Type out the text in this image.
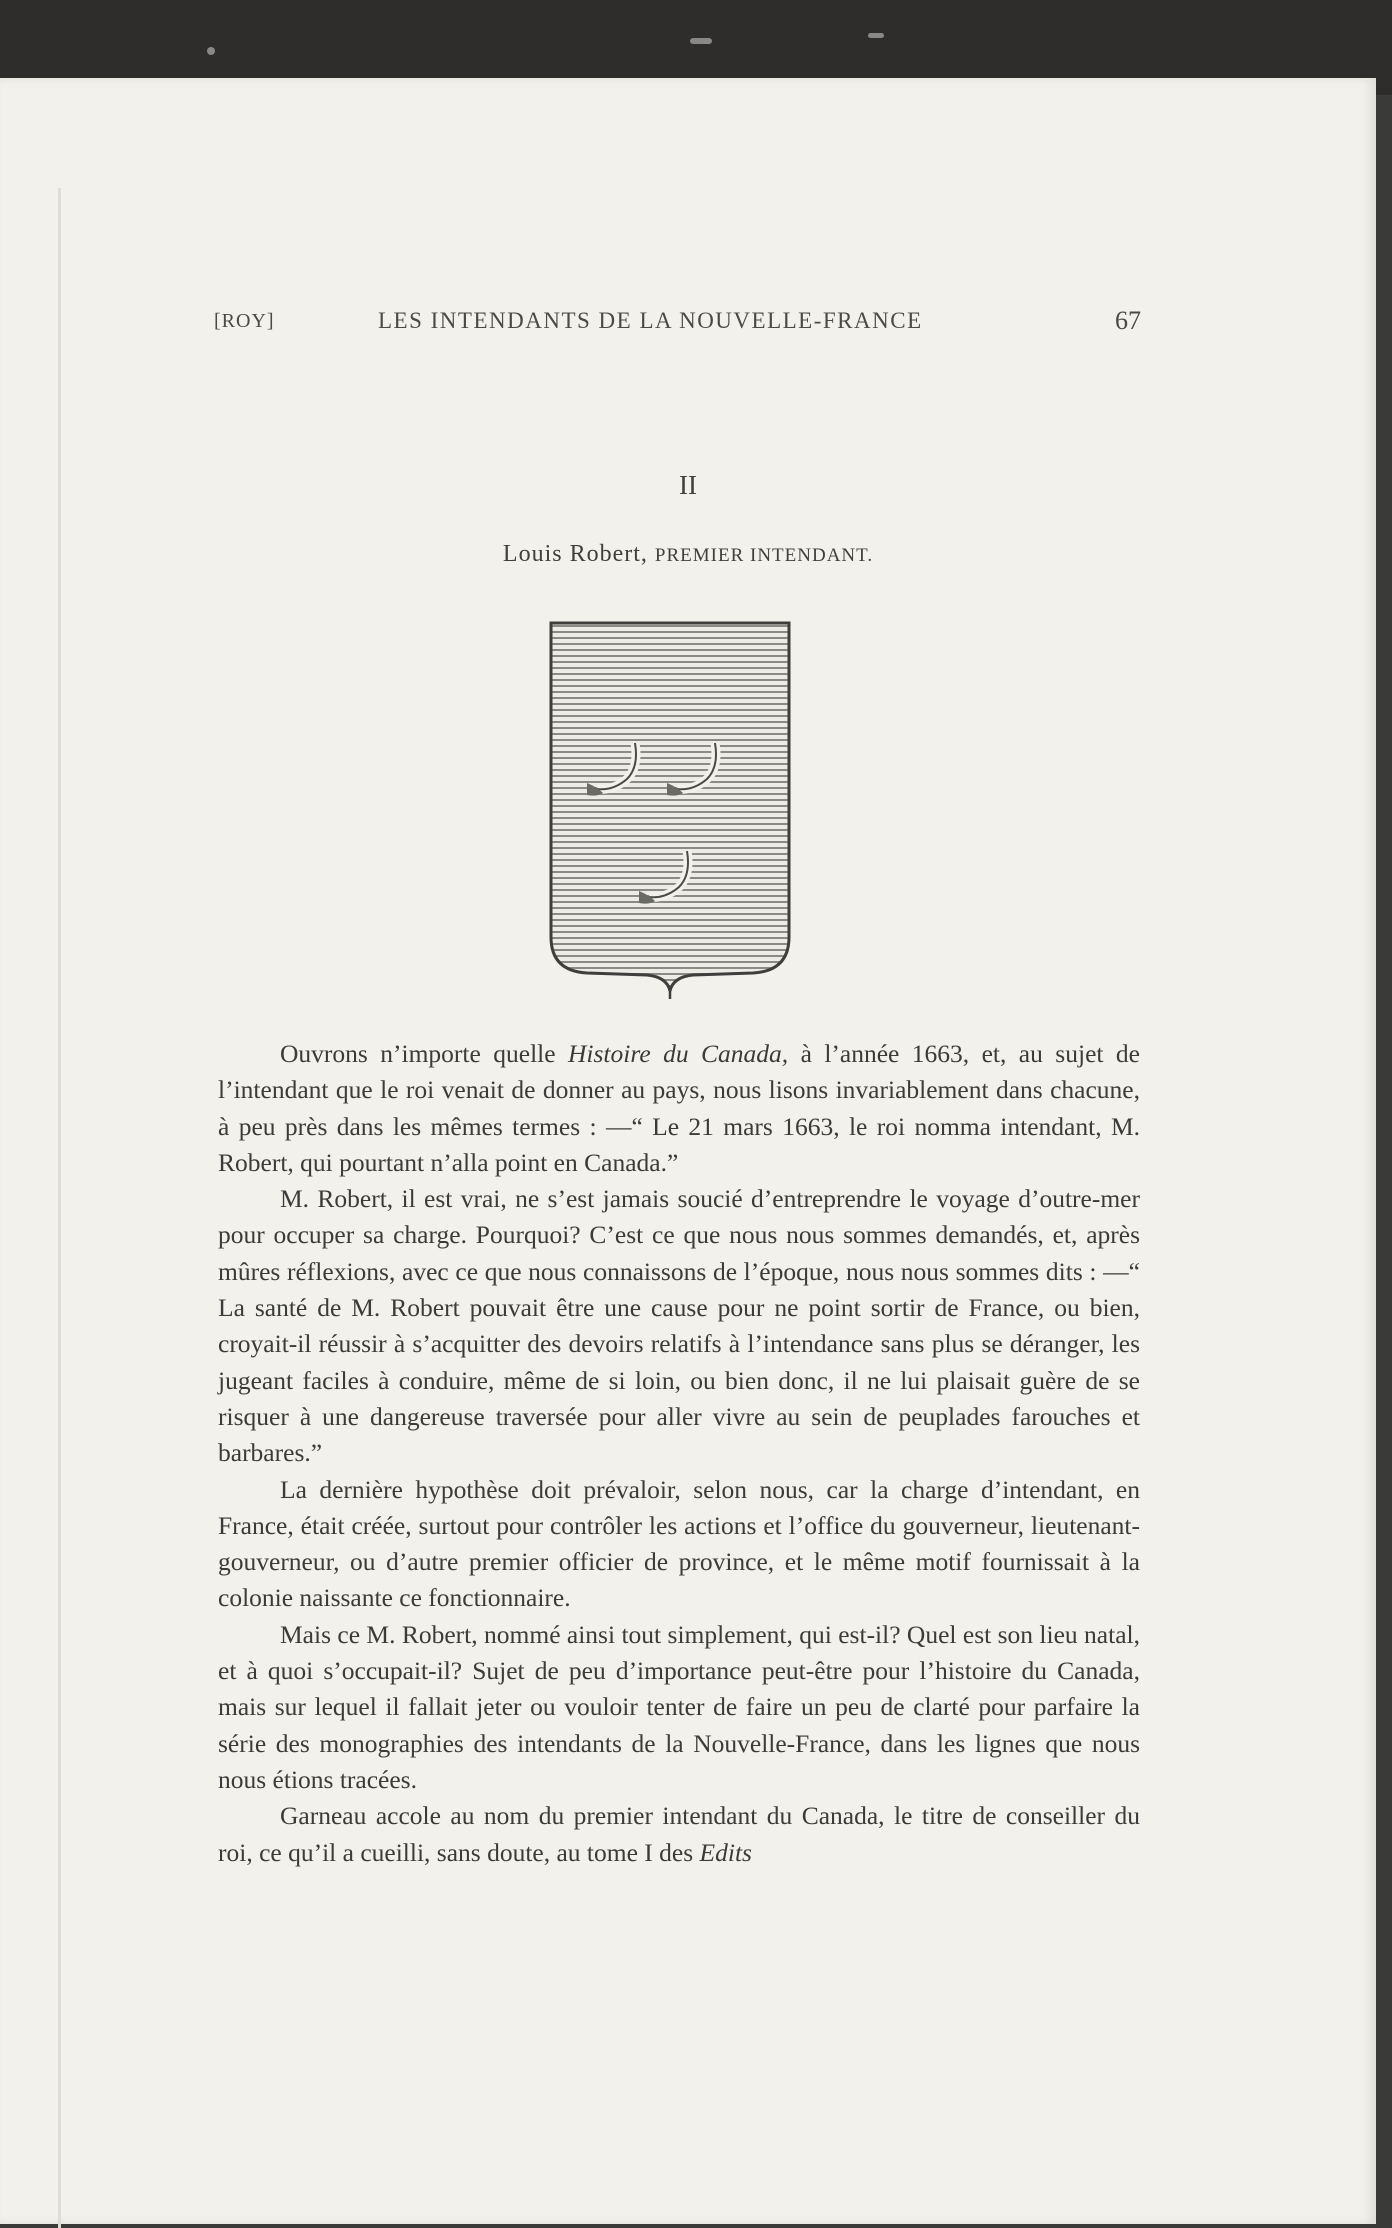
[ROY]	LES INTENDANTS DE LA NOUVELLE-FRANCE	67
II
Louis Robert, PREMIER INTENDANT.

Ouvrons n’importe quelle Histoire du Canada, à l’année 1663, et, au sujet de l’intendant que le roi venait de donner au pays, nous lisons invariablement dans chacune, à peu près dans les mêmes termes : —“ Le 21 mars 1663, le roi nomma intendant, M. Robert, qui pourtant n’alla point en Canada.”

M. Robert, il est vrai, ne s’est jamais soucié d’entreprendre le voyage d’outre-mer pour occuper sa charge. Pourquoi? C’est ce que nous nous sommes demandés, et, après mûres réflexions, avec ce que nous connaissons de l’époque, nous nous sommes dits : —“ La santé de M. Robert pouvait être une cause pour ne point sortir de France, ou bien, croyait-il réussir à s’acquitter des devoirs relatifs à l’intendance sans plus se déranger, les jugeant faciles à conduire, même de si loin, ou bien donc, il ne lui plaisait guère de se risquer à une dangereuse traversée pour aller vivre au sein de peuplades farouches et barbares.”

La dernière hypothèse doit prévaloir, selon nous, car la charge d’intendant, en France, était créée, surtout pour contrôler les actions et l’office du gouverneur, lieutenant-gouverneur, ou d’autre premier officier de province, et le même motif fournissait à la colonie naissante ce fonctionnaire.

Mais ce M. Robert, nommé ainsi tout simplement, qui est-il? Quel est son lieu natal, et à quoi s’occupait-il? Sujet de peu d’importance peut-être pour l’histoire du Canada, mais sur lequel il fallait jeter ou vouloir tenter de faire un peu de clarté pour parfaire la série des monographies des intendants de la Nouvelle-France, dans les lignes que nous nous étions tracées.

Garneau accole au nom du premier intendant du Canada, le titre de conseiller du roi, ce qu’il a cueilli, sans doute, au tome I des Edits
